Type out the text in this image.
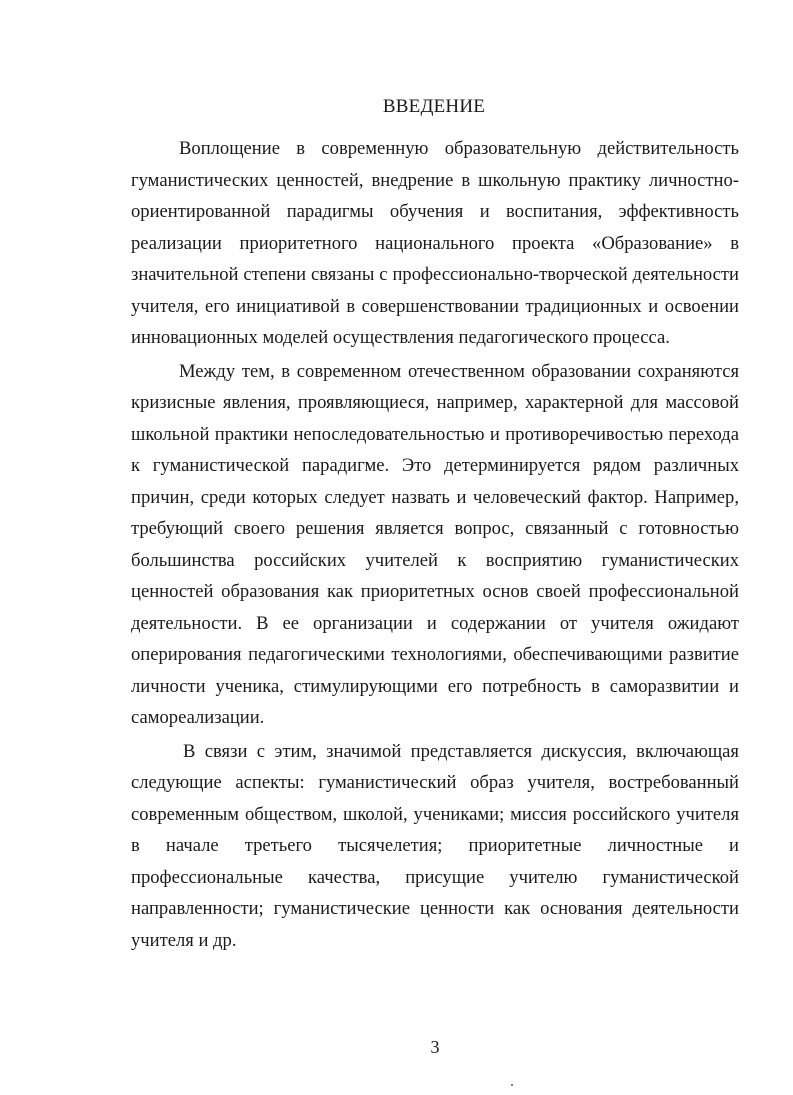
ВВЕДЕНИЕ

Воплощение в современную образовательную действительность гуманистических ценностей, внедрение в школьную практику личностно-ориентированной парадигмы обучения и воспитания, эффективность реализации приоритетного национального проекта «Образование» в значительной степени связаны с профессионально-творческой деятельности учителя, его инициативой в совершенствовании традиционных и освоении инновационных моделей осуществления педагогического процесса.

Между тем, в современном отечественном образовании сохраняются кризисные явления, проявляющиеся, например, характерной для массовой школьной практики непоследовательностью и противоречивостью перехода к гуманистической парадигме. Это детерминируется рядом различных причин, среди которых следует назвать и человеческий фактор. Например, требующий своего решения является вопрос, связанный с готовностью большинства российских учителей к восприятию гуманистических ценностей образования как приоритетных основ своей профессиональной деятельности. В ее организации и содержании от учителя ожидают оперирования педагогическими технологиями, обеспечивающими развитие личности ученика, стимулирующими его потребность в саморазвитии и самореализации.

В связи с этим, значимой представляется дискуссия, включающая следующие аспекты: гуманистический образ учителя, востребованный современным обществом, школой, учениками; миссия российского учителя в начале третьего тысячелетия; приоритетные личностные и профессиональные качества, присущие учителю гуманистической направленности; гуманистические ценности как основания деятельности учителя и др.

3
